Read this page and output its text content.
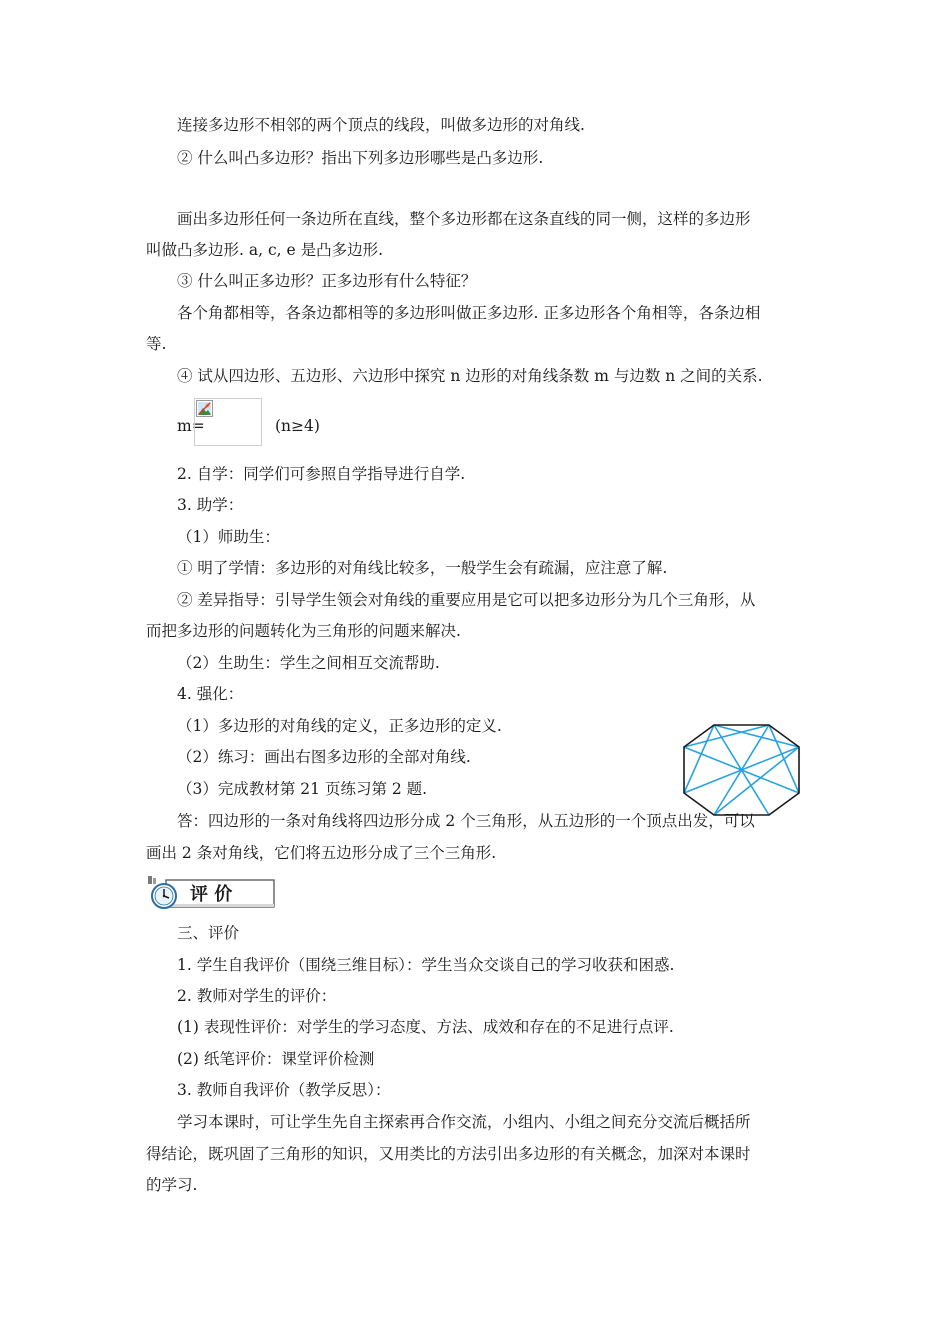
连接多边形不相邻的两个顶点的线段，叫做多边形的对角线.
② 什么叫凸多边形？指出下列多边形哪些是凸多边形.
画出多边形任何一条边所在直线，整个多边形都在这条直线的同一侧，这样的多边形
叫做凸多边形. a, c, e 是凸多边形.
③ 什么叫正多边形？正多边形有什么特征？
各个角都相等，各条边都相等的多边形叫做正多边形. 正多边形各个角相等，各条边相
等.
④ 试从四边形、五边形、六边形中探究 n 边形的对角线条数 m 与边数 n 之间的关系.
m=	(n≥4)
2. 自学：同学们可参照自学指导进行自学.
3. 助学：
（1）师助生：
① 明了学情：多边形的对角线比较多，一般学生会有疏漏，应注意了解.
② 差异指导：引导学生领会对角线的重要应用是它可以把多边形分为几个三角形，从
而把多边形的问题转化为三角形的问题来解决.
（2）生助生：学生之间相互交流帮助.
4. 强化：
（1）多边形的对角线的定义，正多边形的定义.
（2）练习：画出右图多边形的全部对角线.
（3）完成教材第 21 页练习第 2 题.
答：四边形的一条对角线将四边形分成 2 个三角形，从五边形的一个顶点出发，可以
画出 2 条对角线，它们将五边形分成了三个三角形.
评 价
三、评价
1. 学生自我评价（围绕三维目标）：学生当众交谈自己的学习收获和困惑.
2. 教师对学生的评价：
(1) 表现性评价：对学生的学习态度、方法、成效和存在的不足进行点评.
(2) 纸笔评价：课堂评价检测
3. 教师自我评价（教学反思）：
学习本课时，可让学生先自主探索再合作交流，小组内、小组之间充分交流后概括所
得结论，既巩固了三角形的知识，又用类比的方法引出多边形的有关概念，加深对本课时
的学习.
